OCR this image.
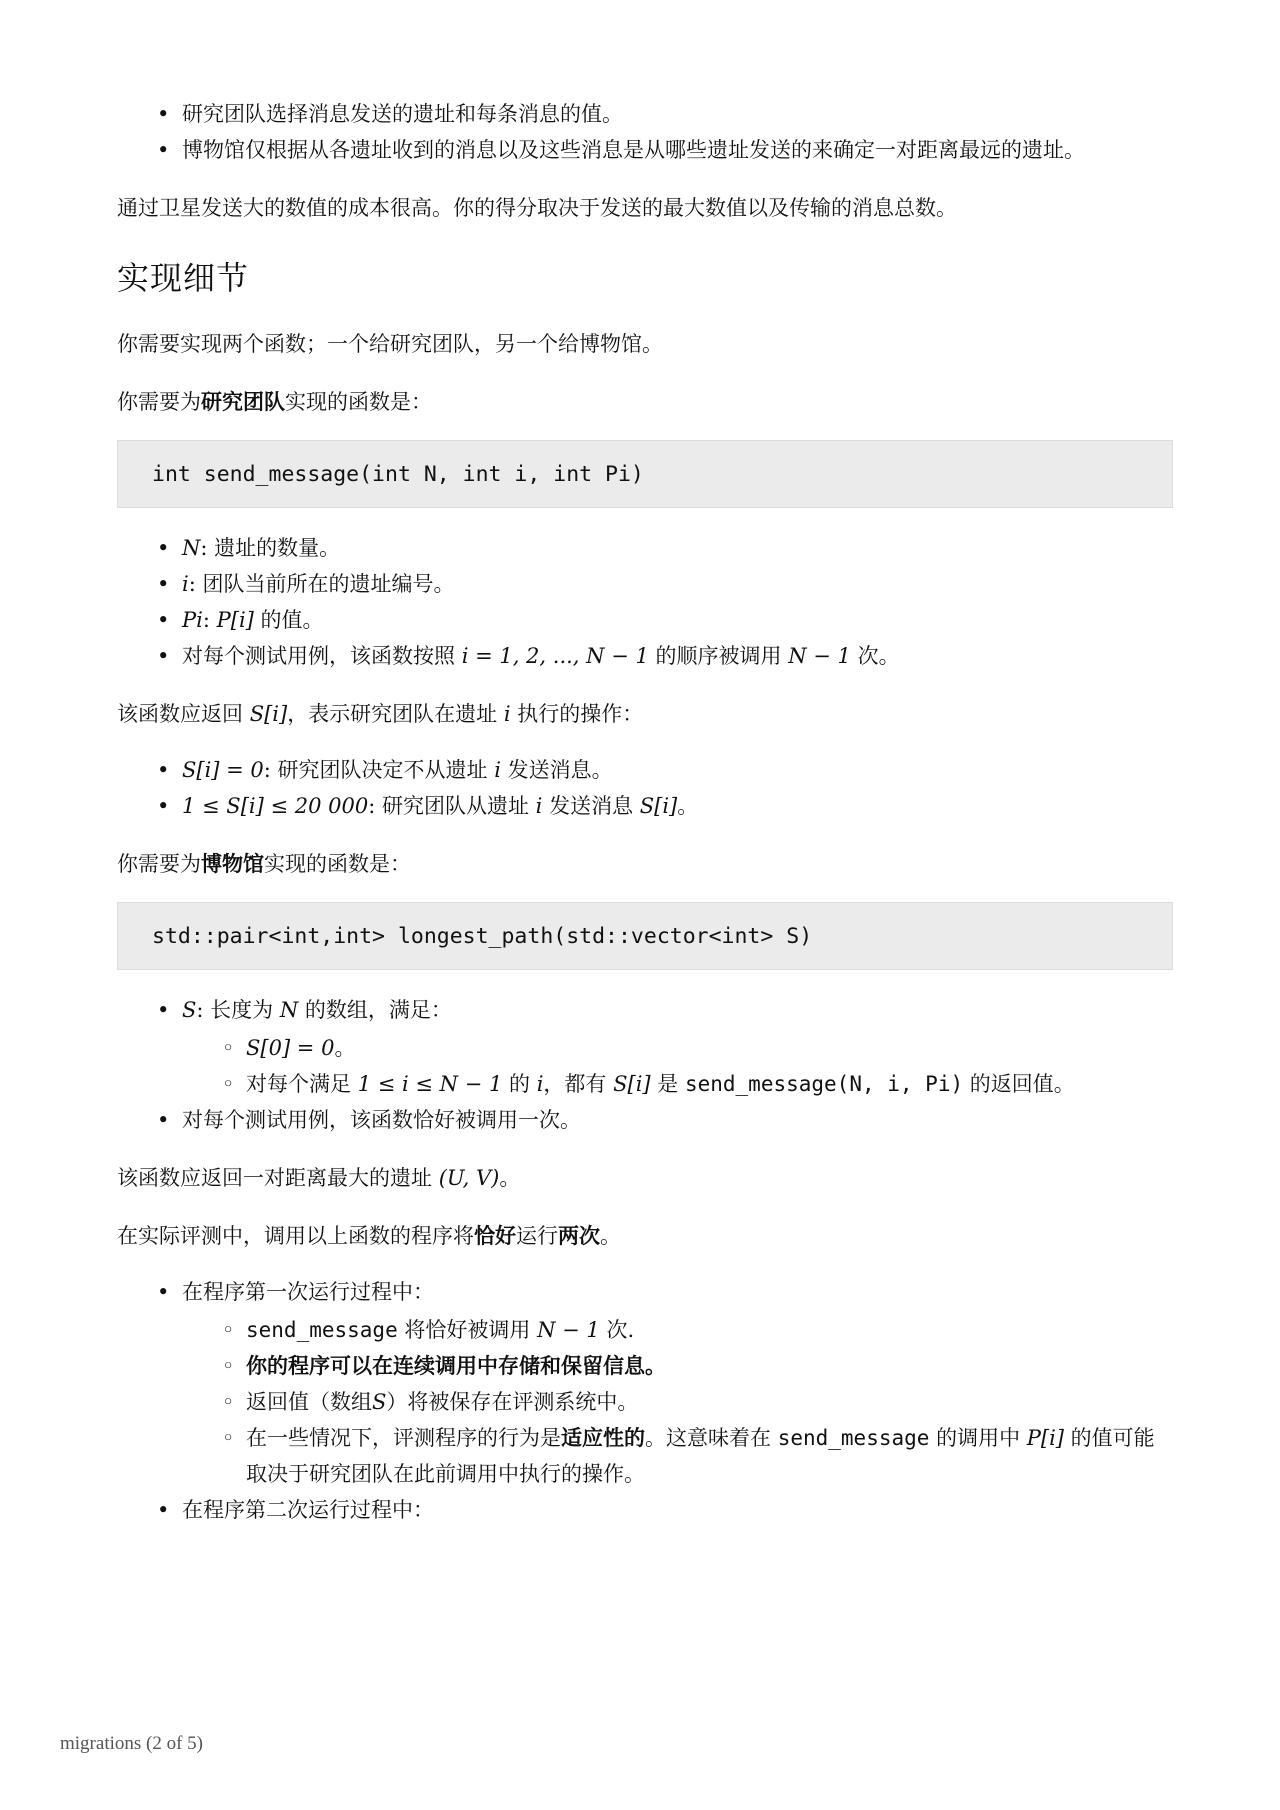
• 研究团队选择消息发送的遗址和每条消息的值。
• 博物馆仅根据从各遗址收到的消息以及这些消息是从哪些遗址发送的来确定一对距离最远的遗址。

通过卫星发送大的数值的成本很高。你的得分取决于发送的最大数值以及传输的消息总数。

实现细节

你需要实现两个函数；一个给研究团队，另一个给博物馆。

你需要为研究团队实现的函数是：

int send_message(int N, int i, int Pi)
• N: 遗址的数量。
• i: 团队当前所在的遗址编号。
• Pi: P[i] 的值。
• 对每个测试用例，该函数按照 i = 1, 2, ..., N − 1 的顺序被调用 N − 1 次。

该函数应返回 S[i]，表示研究团队在遗址 i 执行的操作：

• S[i] = 0: 研究团队决定不从遗址 i 发送消息。
• 1 ≤ S[i] ≤ 20 000: 研究团队从遗址 i 发送消息 S[i]。

你需要为博物馆实现的函数是：

std::pair<int,int> longest_path(std::vector<int> S)
• S: 长度为 N 的数组，满足：
◦ S[0] = 0。
◦ 对每个满足 1 ≤ i ≤ N − 1 的 i，都有 S[i] 是 send_message(N, i, Pi) 的返回值。
• 对每个测试用例，该函数恰好被调用一次。

该函数应返回一对距离最大的遗址 (U, V)。

在实际评测中，调用以上函数的程序将恰好运行两次。

• 在程序第一次运行过程中：
◦ send_message 将恰好被调用 N − 1 次.
◦ 你的程序可以在连续调用中存储和保留信息。
◦ 返回值（数组S）将被保存在评测系统中。
◦ 在一些情况下，评测程序的行为是适应性的。这意味着在 send_message 的调用中 P[i] 的值可能取决于研究团队在此前调用中执行的操作。
• 在程序第二次运行过程中：
migrations (2 of 5)
